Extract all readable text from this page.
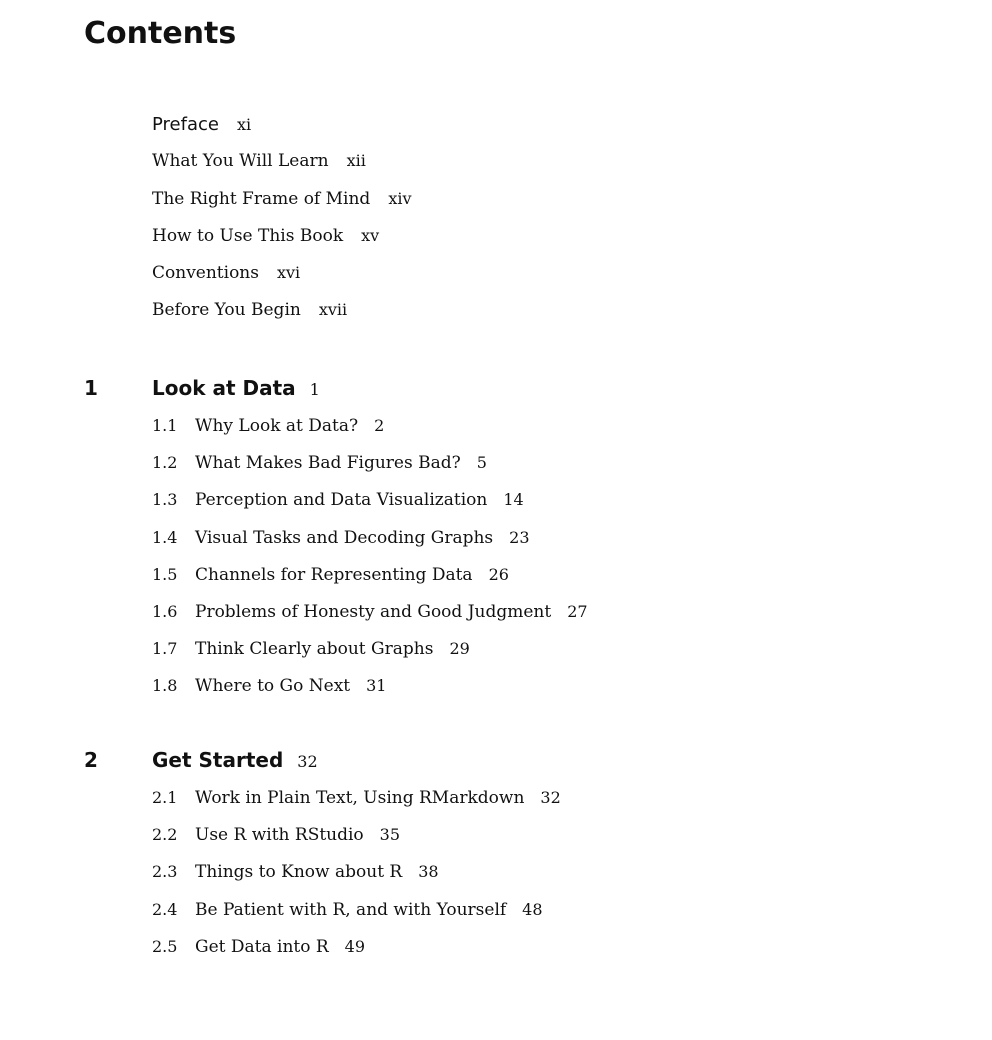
Contents
Preface xi
What You Will Learn xii
The Right Frame of Mind xiv
How to Use This Book xv
Conventions xvi
Before You Begin xvii
1	Look at Data 1
1.1 Why Look at Data? 2
1.2 What Makes Bad Figures Bad? 5
1.3 Perception and Data Visualization 14
1.4 Visual Tasks and Decoding Graphs 23
1.5 Channels for Representing Data 26
1.6 Problems of Honesty and Good Judgment 27
1.7 Think Clearly about Graphs 29
1.8 Where to Go Next 31
2	Get Started 32
2.1 Work in Plain Text, Using RMarkdown 32
2.2 Use R with RStudio 35
2.3 Things to Know about R 38
2.4 Be Patient with R, and with Yourself 48
2.5 Get Data into R 49
